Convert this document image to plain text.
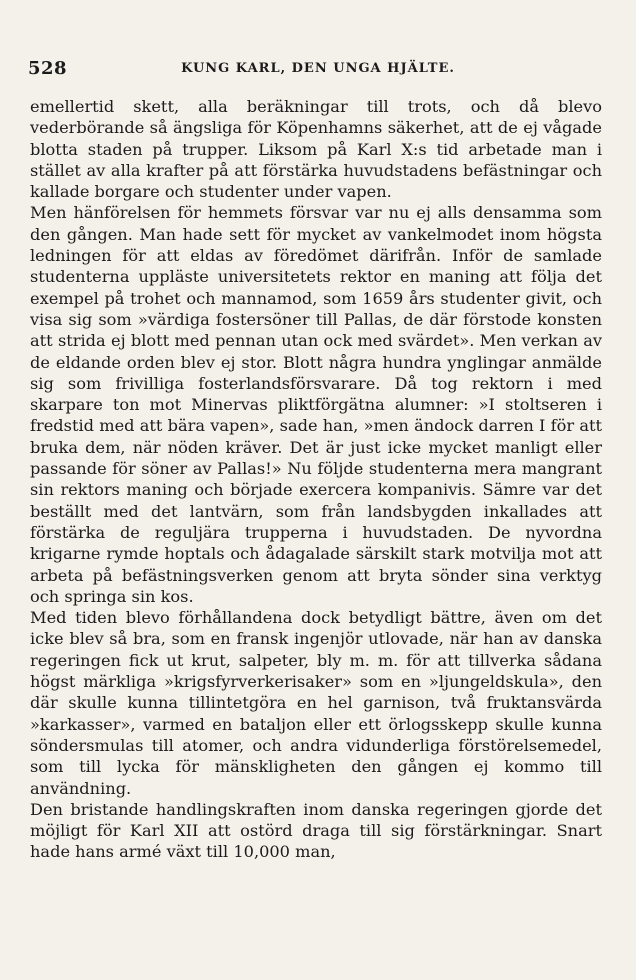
528	KUNG KARL, DEN UNGA HJÄLTE.

emellertid skett, alla beräkningar till trots, och då blevo vederbörande så ängsliga för Köpenhamns säkerhet, att de ej vågade blotta staden på trupper. Liksom på Karl X:s tid arbetade man i stället av alla krafter på att förstärka huvudstadens befästningar och kallade borgare och studenter under vapen.

Men hänförelsen för hemmets försvar var nu ej alls densamma som den gången. Man hade sett för mycket av vankelmodet inom högsta ledningen för att eldas av föredömet därifrån. Inför de samlade studenterna uppläste universitetets rektor en maning att följa det exempel på trohet och mannamod, som 1659 års studenter givit, och visa sig som »värdiga fostersöner till Pallas, de där förstode konsten att strida ej blott med pennan utan ock med svärdet». Men verkan av de eldande orden blev ej stor. Blott några hundra ynglingar anmälde sig som frivilliga fosterlandsförsvarare. Då tog rektorn i med skarpare ton mot Minervas pliktförgätna alumner: »I stoltseren i fredstid med att bära vapen», sade han, »men ändock darren I för att bruka dem, när nöden kräver. Det är just icke mycket manligt eller passande för söner av Pallas!» Nu följde studenterna mera mangrant sin rektors maning och började exercera kompanivis. Sämre var det beställt med det lantvärn, som från landsbygden inkallades att förstärka de reguljära trupperna i huvudstaden. De nyvordna krigarne rymde hoptals och ådagalade särskilt stark motvilja mot att arbeta på befästningsverken genom att bryta sönder sina verktyg och springa sin kos.

Med tiden blevo förhållandena dock betydligt bättre, även om det icke blev så bra, som en fransk ingenjör utlovade, när han av danska regeringen fick ut krut, salpeter, bly m. m. för att tillverka sådana högst märkliga »krigsfyrverkerisaker» som en »ljungeldskula», den där skulle kunna tillintetgöra en hel garnison, två fruktansvärda »karkasser», varmed en bataljon eller ett örlogsskepp skulle kunna söndersmulas till atomer, och andra vidunderliga förstörelsemedel, som till lycka för mänskligheten den gången ej kommo till användning.

Den bristande handlingskraften inom danska regeringen gjorde det möjligt för Karl XII att ostörd draga till sig förstärkningar. Snart hade hans armé växt till 10,000 man,
